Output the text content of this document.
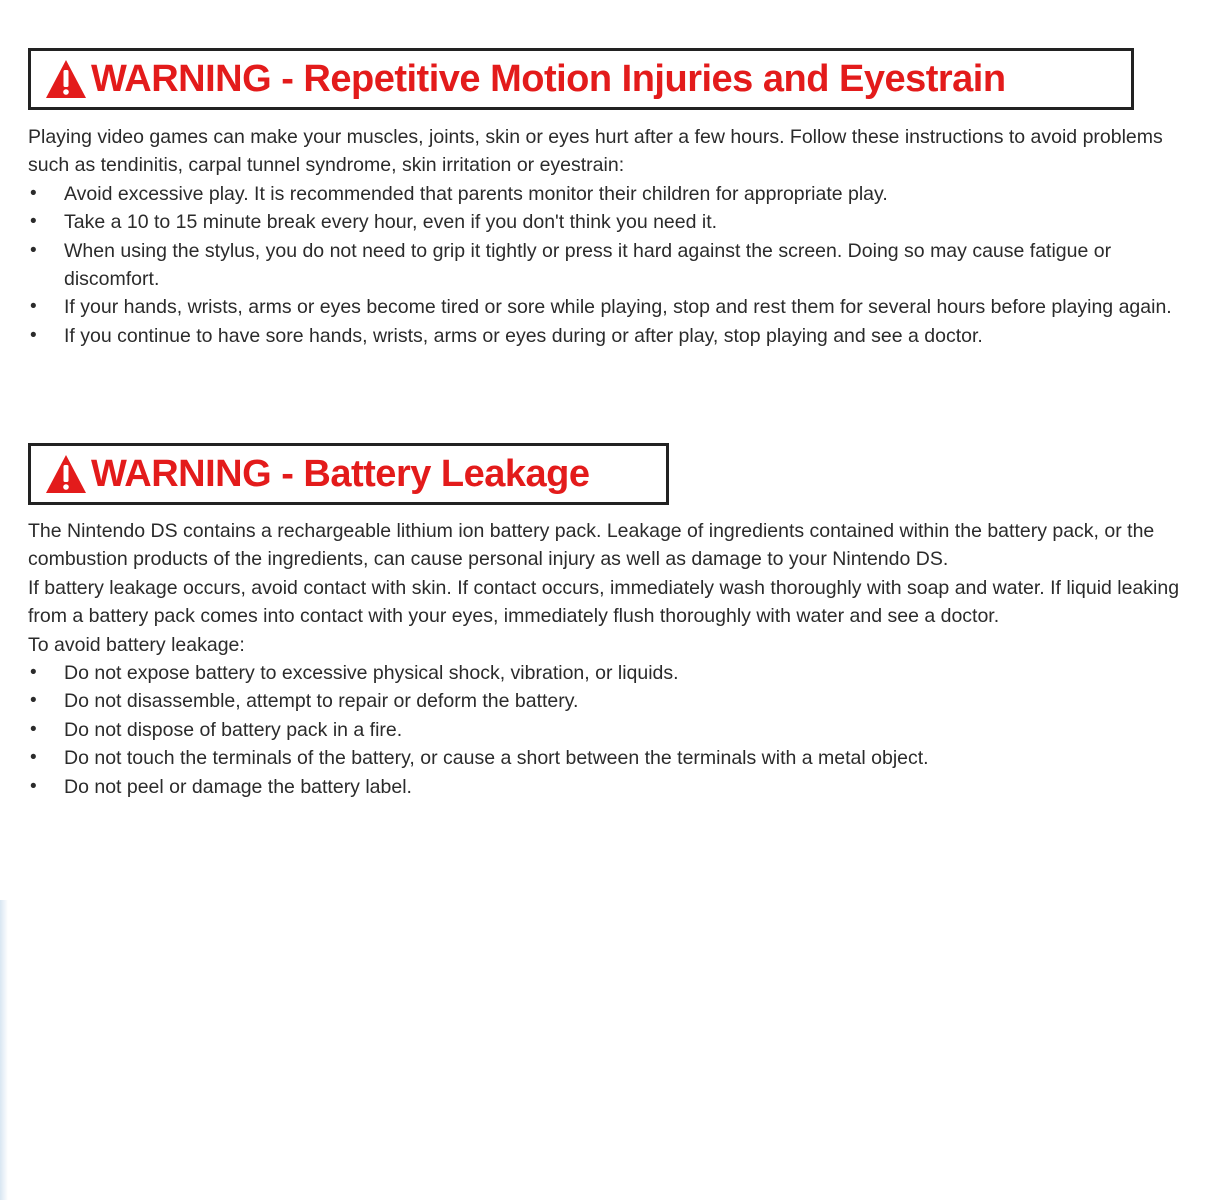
WARNING - Repetitive Motion Injuries and Eyestrain

Playing video games can make your muscles, joints, skin or eyes hurt after a few hours. Follow these instructions to avoid problems such as tendinitis, carpal tunnel syndrome, skin irritation or eyestrain:

• Avoid excessive play. It is recommended that parents monitor their children for appropriate play.
• Take a 10 to 15 minute break every hour, even if you don't think you need it.
• When using the stylus, you do not need to grip it tightly or press it hard against the screen. Doing so may cause fatigue or discomfort.
• If your hands, wrists, arms or eyes become tired or sore while playing, stop and rest them for several hours before playing again.
• If you continue to have sore hands, wrists, arms or eyes during or after play, stop playing and see a doctor.
WARNING - Battery Leakage

The Nintendo DS contains a rechargeable lithium ion battery pack. Leakage of ingredients contained within the battery pack, or the combustion products of the ingredients, can cause personal injury as well as damage to your Nintendo DS.

If battery leakage occurs, avoid contact with skin. If contact occurs, immediately wash thoroughly with soap and water. If liquid leaking from a battery pack comes into contact with your eyes, immediately flush thoroughly with water and see a doctor.

To avoid battery leakage:

• Do not expose battery to excessive physical shock, vibration, or liquids.
• Do not disassemble, attempt to repair or deform the battery.
• Do not dispose of battery pack in a fire.
• Do not touch the terminals of the battery, or cause a short between the terminals with a metal object.
• Do not peel or damage the battery label.
